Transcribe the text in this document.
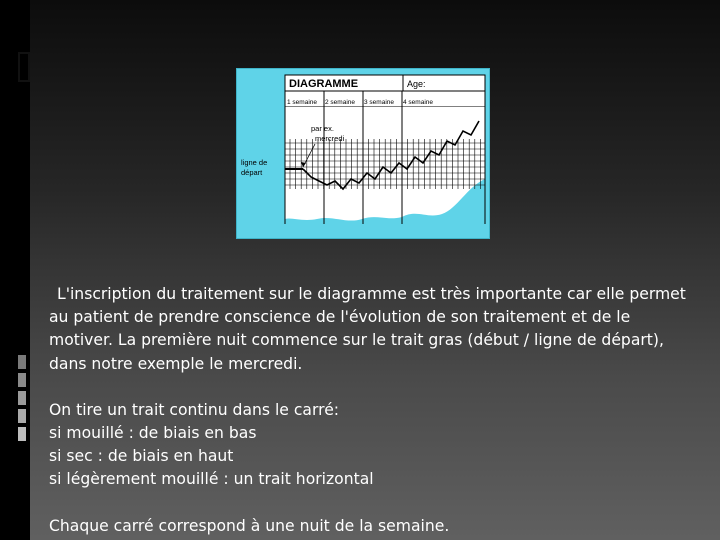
DIAGRAMME	Age:
1 semaine 2 semaine 3 semaine 4 semaine
par ex.
mercredi
ligne de
départ

L'inscription du traitement sur le diagramme est très importante car elle permet au patient de prendre conscience de l'évolution de son traitement et de le motiver. La première nuit commence sur le trait gras (début / ligne de départ), dans notre exemple le mercredi.

On tire un trait continu dans le carré:
si mouillé : de biais en bas
si sec : de biais en haut
si légèrement mouillé : un trait horizontal

Chaque carré correspond à une nuit de la semaine.
